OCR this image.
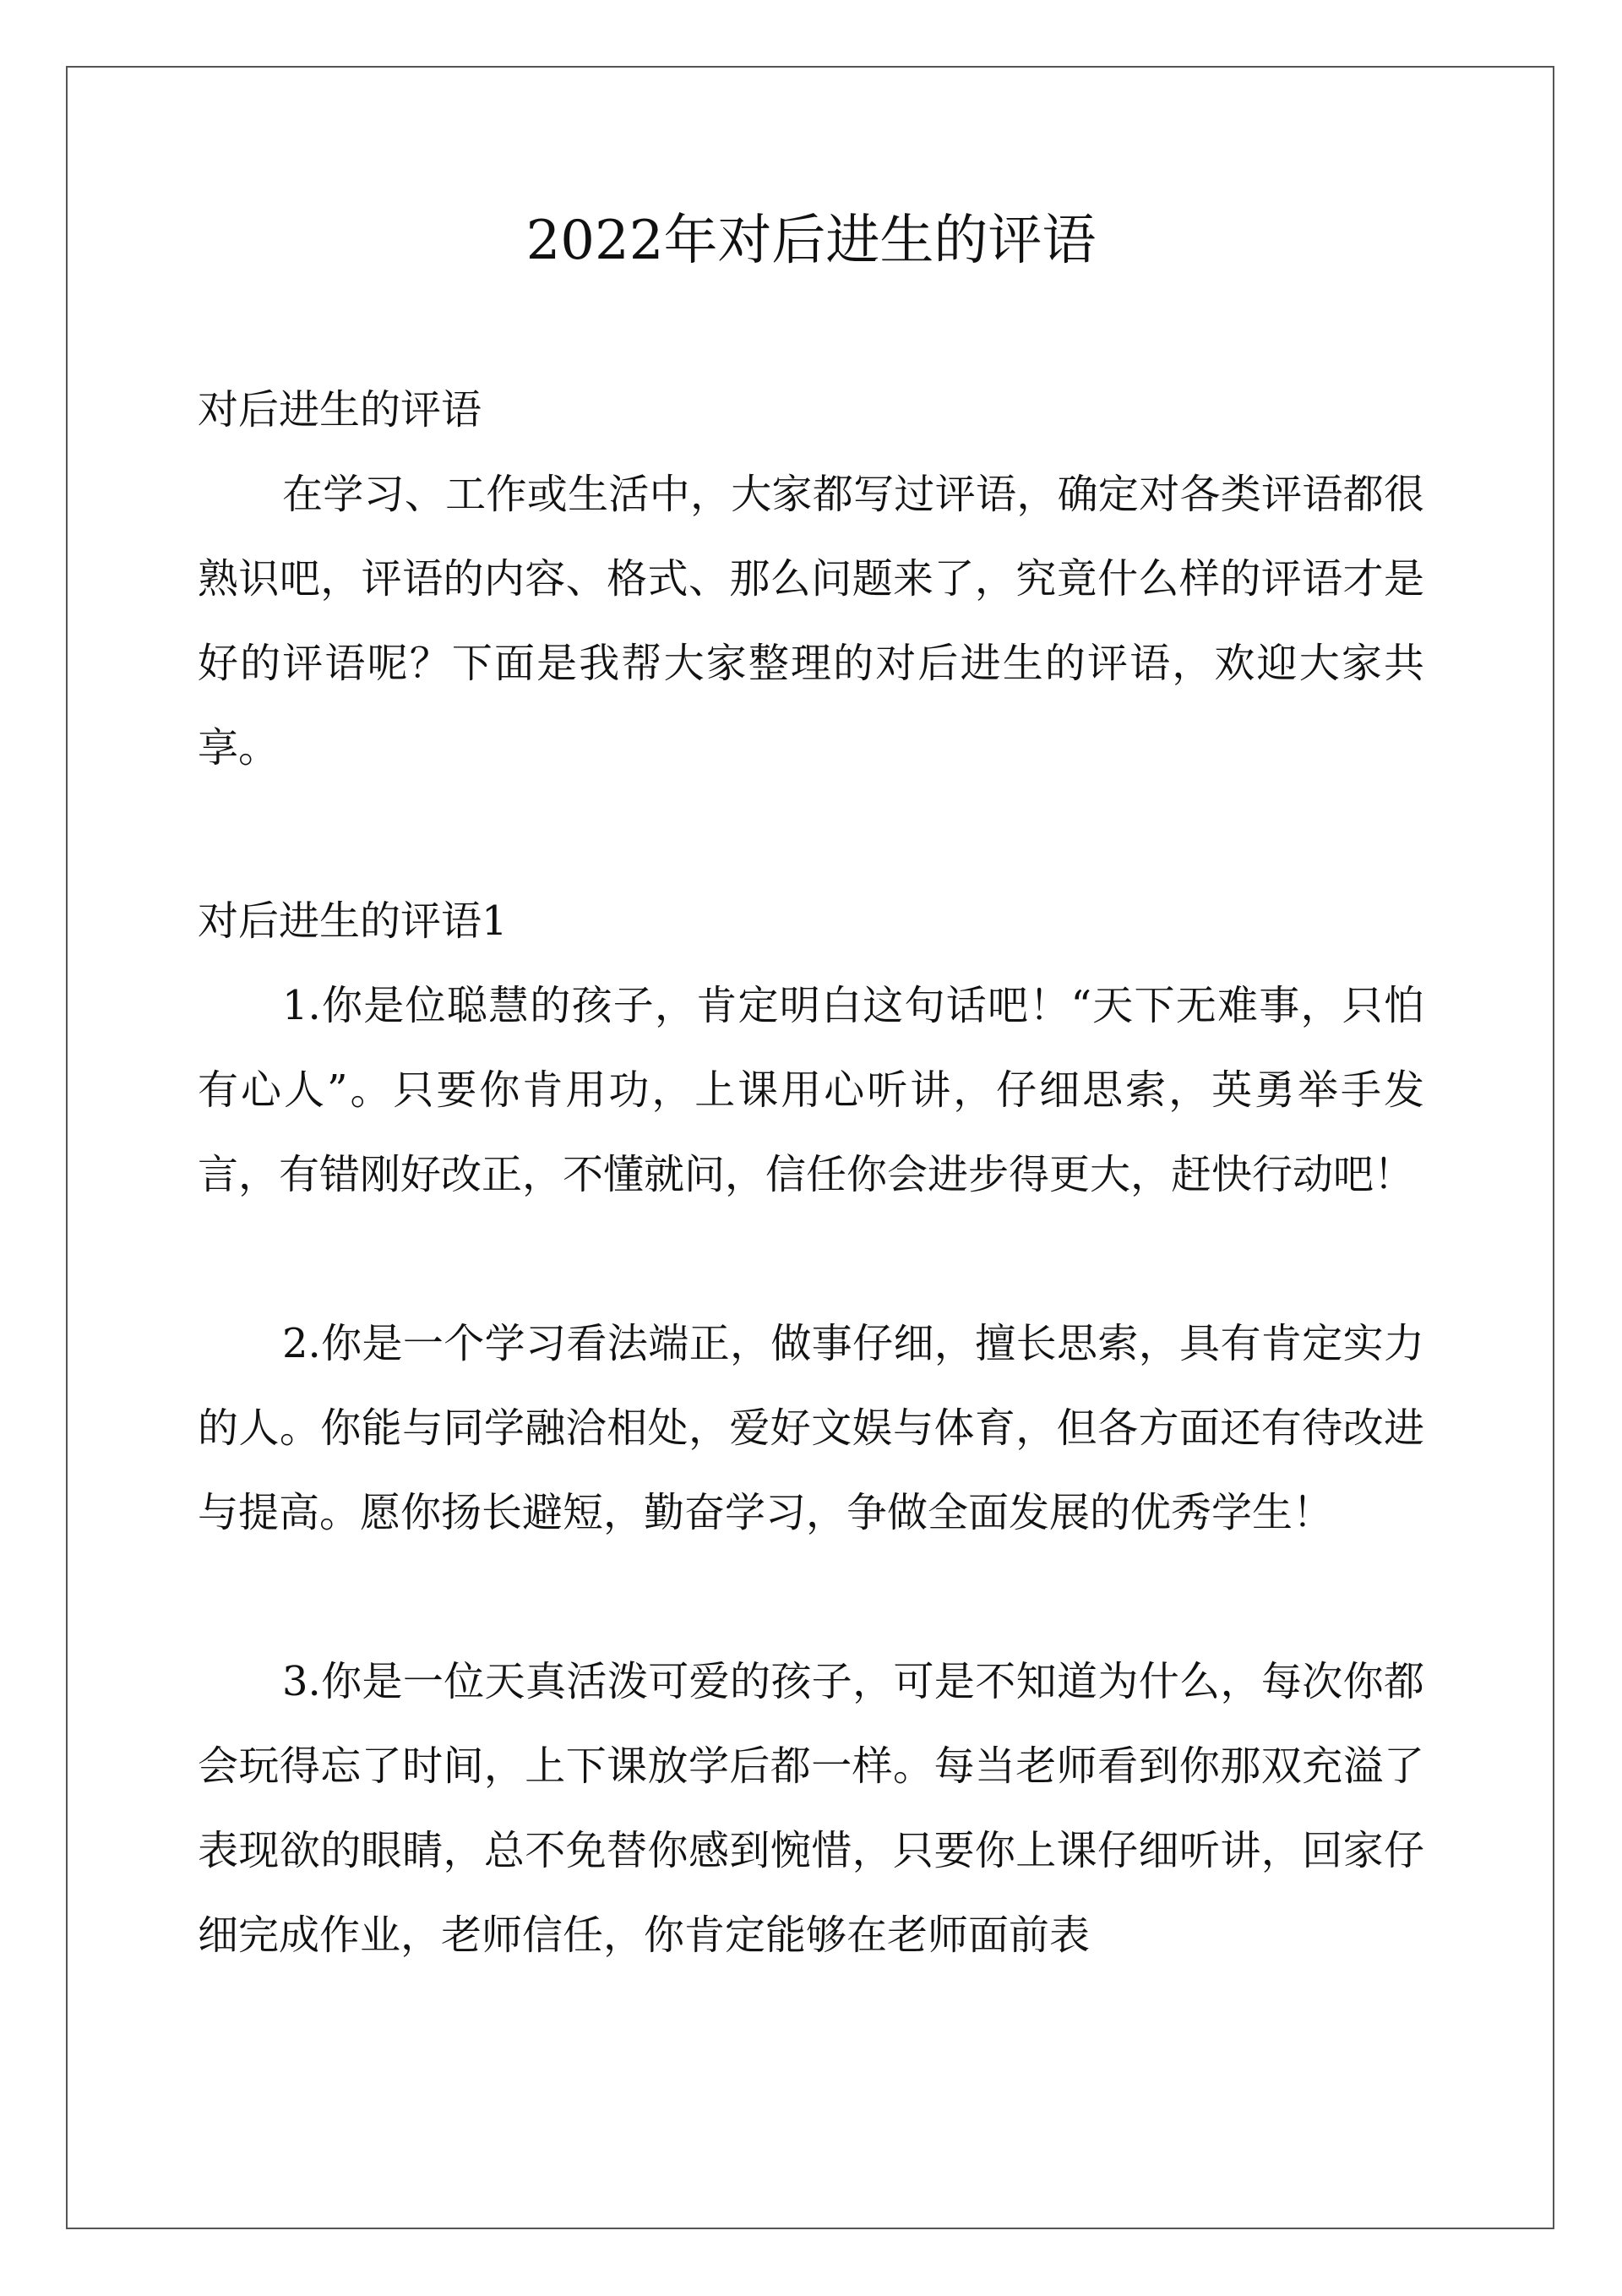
2022年对后进生的评语

对后进生的评语

在学习、工作或生活中，大家都写过评语，确定对各类评语都很熟识吧，评语的内容、格式、那么问题来了，究竟什么样的评语才是好的评语呢？下面是我帮大家整理的对后进生的评语，欢迎大家共享。

对后进生的评语1

1.你是位聪慧的孩子，肯定明白这句话吧！“天下无难事，只怕有心人”。只要你肯用功，上课用心听讲，仔细思索，英勇举手发言，有错刚好改正，不懂就问，信任你会进步得更大，赶快行动吧！

2.你是一个学习看法端正，做事仔细，擅长思索，具有肯定实力的人。你能与同学融洽相处，爱好文娱与体育，但各方面还有待改进与提高。愿你扬长避短，勤奋学习，争做全面发展的优秀学生！

3.你是一位天真活泼可爱的孩子，可是不知道为什么，每次你都会玩得忘了时间，上下课放学后都一样。每当老师看到你那双充溢了表现欲的眼睛，总不免替你感到惋惜，只要你上课仔细听讲，回家仔细完成作业，老师信任，你肯定能够在老师面前表
